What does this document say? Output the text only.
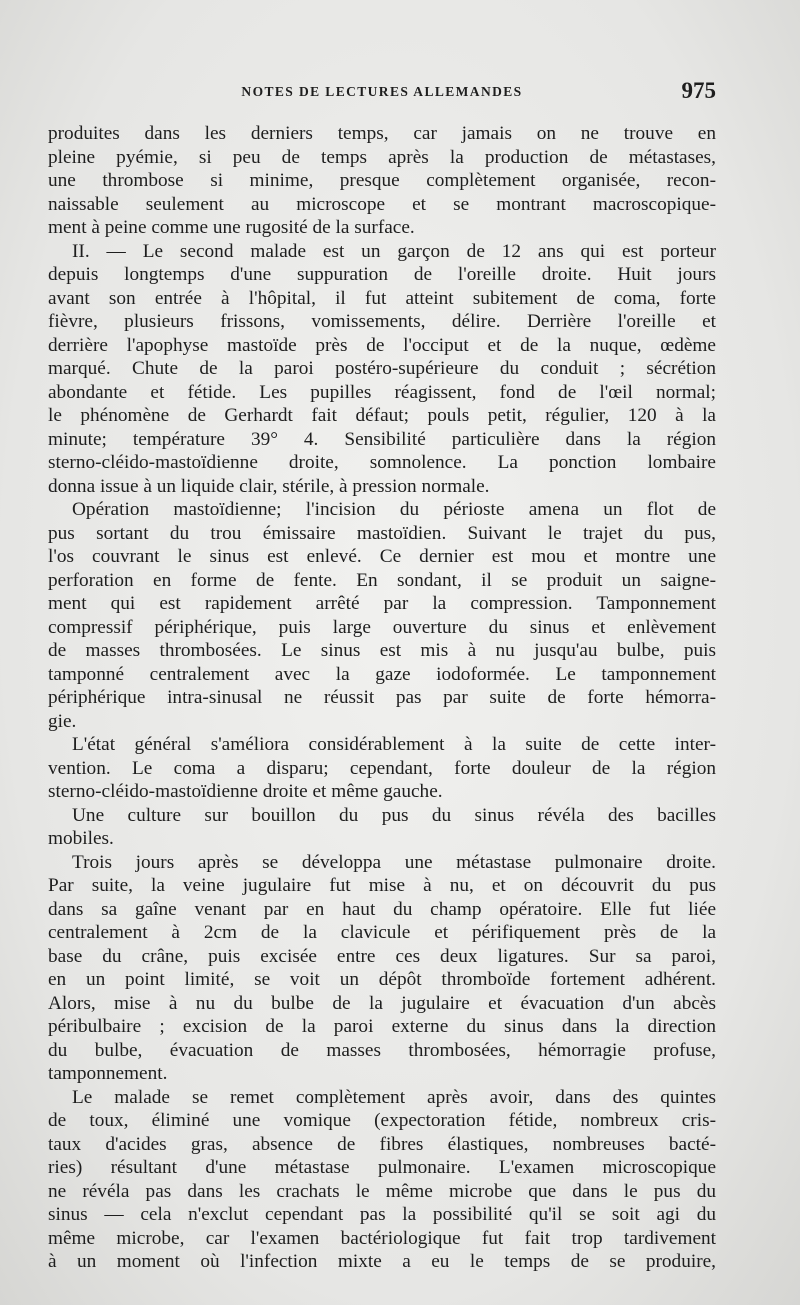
NOTES DE LECTURES ALLEMANDES	975
produites dans les derniers temps, car jamais on ne trouve en
pleine pyémie, si peu de temps après la production de métastases,
une thrombose si minime, presque complètement organisée, recon-
naissable seulement au microscope et se montrant macroscopique-
ment à peine comme une rugosité de la surface.
II. — Le second malade est un garçon de 12 ans qui est porteur
depuis longtemps d'une suppuration de l'oreille droite. Huit jours
avant son entrée à l'hôpital, il fut atteint subitement de coma, forte
fièvre, plusieurs frissons, vomissements, délire. Derrière l'oreille et
derrière l'apophyse mastoïde près de l'occiput et de la nuque, œdème
marqué. Chute de la paroi postéro-supérieure du conduit ; sécrétion
abondante et fétide. Les pupilles réagissent, fond de l'œil normal;
le phénomène de Gerhardt fait défaut; pouls petit, régulier, 120 à la
minute; température 39° 4. Sensibilité particulière dans la région
sterno-cléido-mastoïdienne droite, somnolence. La ponction lombaire
donna issue à un liquide clair, stérile, à pression normale.
Opération mastoïdienne; l'incision du périoste amena un flot de
pus sortant du trou émissaire mastoïdien. Suivant le trajet du pus,
l'os couvrant le sinus est enlevé. Ce dernier est mou et montre une
perforation en forme de fente. En sondant, il se produit un saigne-
ment qui est rapidement arrêté par la compression. Tamponnement
compressif périphérique, puis large ouverture du sinus et enlèvement
de masses thrombosées. Le sinus est mis à nu jusqu'au bulbe, puis
tamponné centralement avec la gaze iodoformée. Le tamponnement
périphérique intra-sinusal ne réussit pas par suite de forte hémorra-
gie.
L'état général s'améliora considérablement à la suite de cette inter-
vention. Le coma a disparu; cependant, forte douleur de la région
sterno-cléido-mastoïdienne droite et même gauche.
Une culture sur bouillon du pus du sinus révéla des bacilles
mobiles.
Trois jours après se développa une métastase pulmonaire droite.
Par suite, la veine jugulaire fut mise à nu, et on découvrit du pus
dans sa gaîne venant par en haut du champ opératoire. Elle fut liée
centralement à 2cm de la clavicule et périfiquement près de la
base du crâne, puis excisée entre ces deux ligatures. Sur sa paroi,
en un point limité, se voit un dépôt thromboïde fortement adhérent.
Alors, mise à nu du bulbe de la jugulaire et évacuation d'un abcès
péribulbaire ; excision de la paroi externe du sinus dans la direction
du bulbe, évacuation de masses thrombosées, hémorragie profuse,
tamponnement.
Le malade se remet complètement après avoir, dans des quintes
de toux, éliminé une vomique (expectoration fétide, nombreux cris-
taux d'acides gras, absence de fibres élastiques, nombreuses bacté-
ries) résultant d'une métastase pulmonaire. L'examen microscopique
ne révéla pas dans les crachats le même microbe que dans le pus du
sinus — cela n'exclut cependant pas la possibilité qu'il se soit agi du
même microbe, car l'examen bactériologique fut fait trop tardivement
à un moment où l'infection mixte a eu le temps de se produire,
